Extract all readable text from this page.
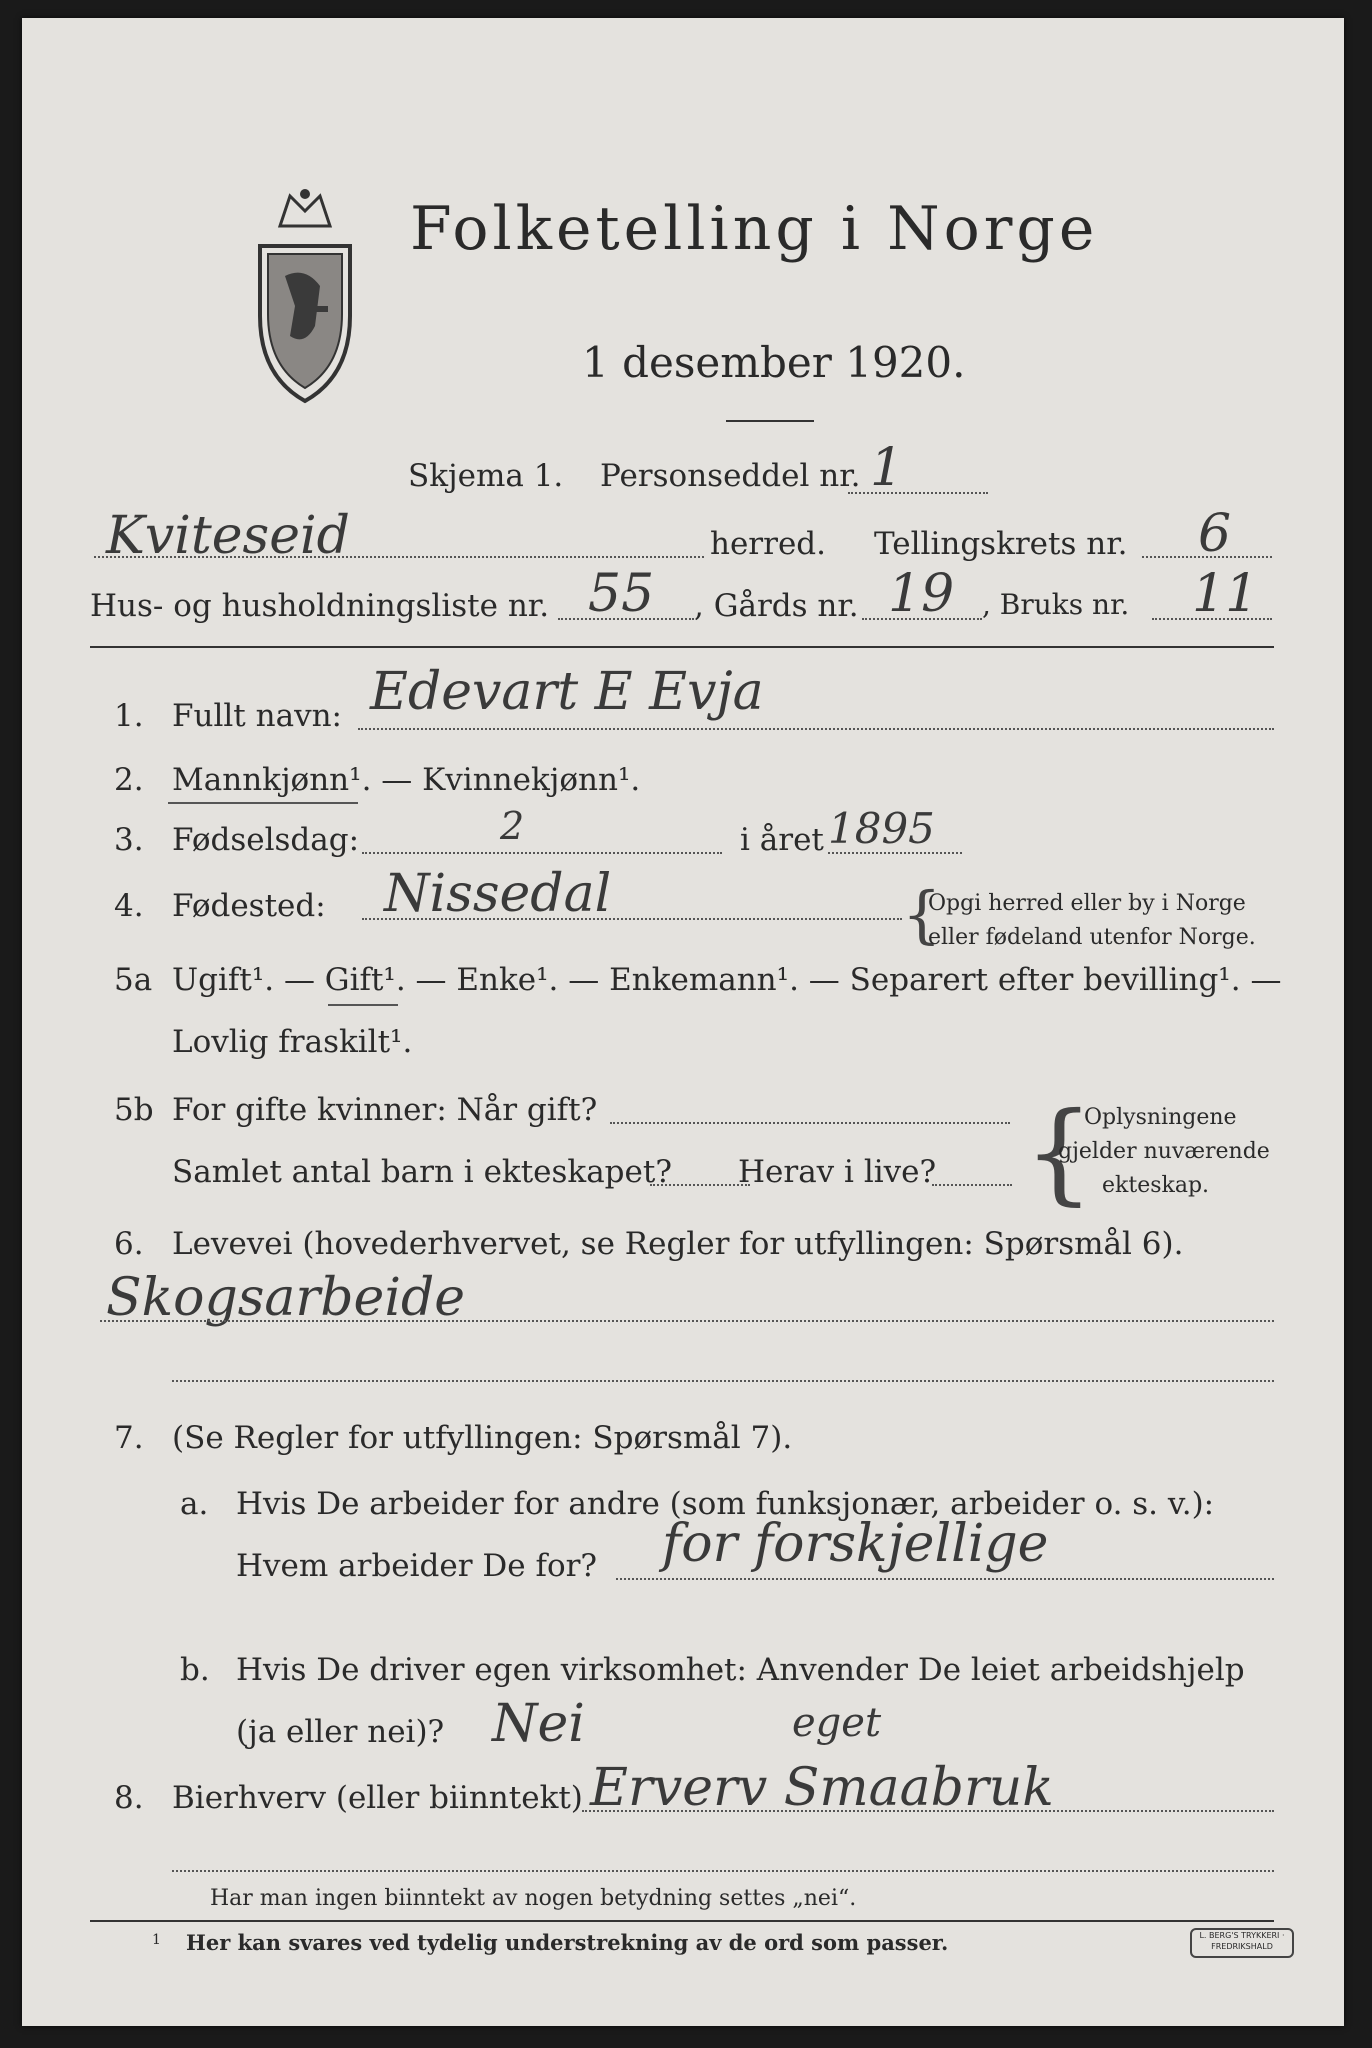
Folketelling i Norge
1 desember 1920.
Skjema 1. Personseddel nr. 1
Kviteseid	herred. Tellingskrets nr. 6
Hus- og husholdningsliste nr. 55 , Gårds nr. 19 , Bruks nr. 11
1. Fullt navn: Edevart E Evja
2. Mannkjønn¹. — Kvinnekjønn¹.
3. Fødselsdag:	2	i året 1895
4. Fødested: Nissedal	{
Opgi herred eller by i Norge
eller fødeland utenfor Norge.
5a Ugift¹. — Gift¹. — Enke¹. — Enkemann¹. — Separert efter bevilling¹. —
Lovlig fraskilt¹.
5b For gifte kvinner: Når gift?
Samlet antal barn i ekteskapet? Herav i live? {
Oplysningene
gjelder nuværende
ekteskap.
6. Levevei (hovederhvervet, se Regler for utfyllingen: Spørsmål 6).
Skogsarbeide
7. (Se Regler for utfyllingen: Spørsmål 7).
a. Hvis De arbeider for andre (som funksjonær, arbeider o. s. v.):
Hvem arbeider De for? for forskjellige
b. Hvis De driver egen virksomhet: Anvender De leiet arbeidshjelp
(ja eller nei)? Nei
8. Bierhverv (eller biinntekt) Erverv Smaabruk
eget
Har man ingen biinntekt av nogen betydning settes „nei“.
1 Her kan svares ved tydelig understrekning av de ord som passer.	L. BERG'S TRYKKERI · FREDRIKSHALD
